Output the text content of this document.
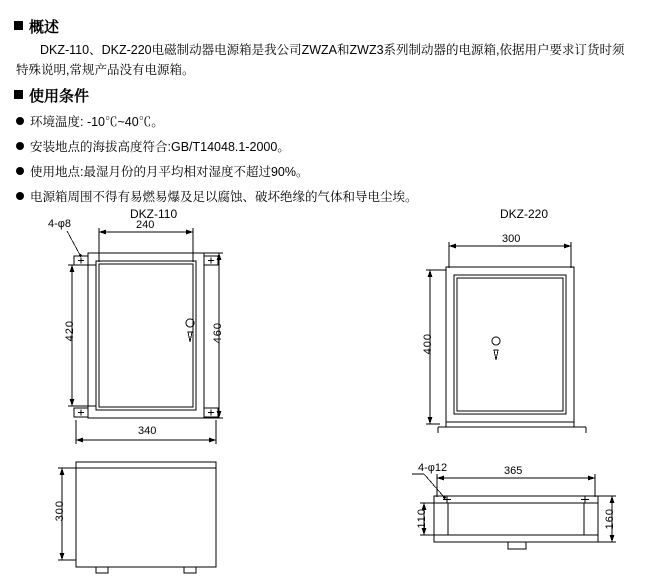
概述
DKZ-110、DKZ-220电磁制动器电源箱是我公司ZWZA和ZWZ3系列制动器的电源箱,依据用户要求订货时须特殊说明,常规产品没有电源箱。
使用条件
环境温度: -10℃~40℃。
安装地点的海拔高度符合:GB/T14048.1-2000。
使用地点:最湿月份的月平均相对湿度不超过90%。
电源箱周围不得有易燃易爆及足以腐蚀、破坏绝缘的气体和导电尘埃。
DKZ-110
4-φ8	240
420	460
340
300
DKZ-220
300
400
4-φ12	365
160
110
